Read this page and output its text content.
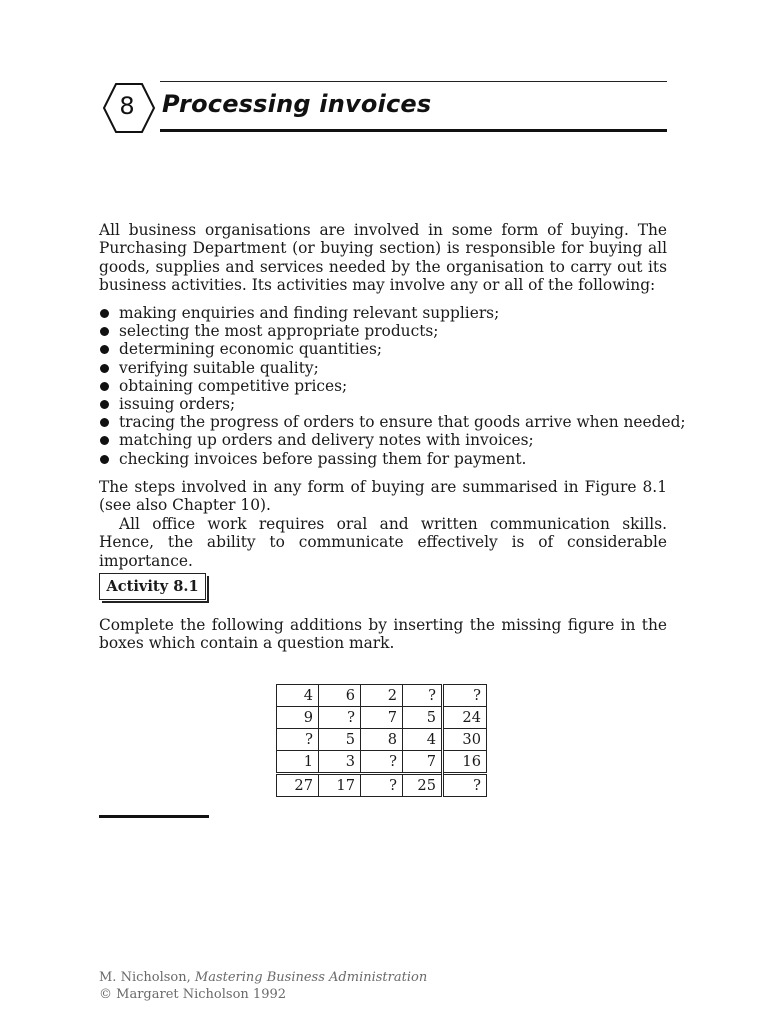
8	Processing invoices

All business organisations are involved in some form of buying. The Purchasing Department (or buying section) is responsible for buying all goods, supplies and services needed by the organisation to carry out its business activities. Its activities may involve any or all of the following:

making enquiries and finding relevant suppliers;
selecting the most appropriate products;
determining economic quantities;
verifying suitable quality;
obtaining competitive prices;
issuing orders;
tracing the progress of orders to ensure that goods arrive when needed;
matching up orders and delivery notes with invoices;
checking invoices before passing them for payment.

The steps involved in any form of buying are summarised in Figure 8.1 (see also Chapter 10).

All office work requires oral and written communication skills. Hence, the ability to communicate effectively is of considerable importance.

Activity 8.1

Complete the following additions by inserting the missing figure in the boxes which contain a question mark.

4	6	2	?	?
9	?	7	5	24
?	5	8	4	30
1	3	?	7	16
27	17	?	25	?
M. Nicholson, Mastering Business Administration
© Margaret Nicholson 1992
